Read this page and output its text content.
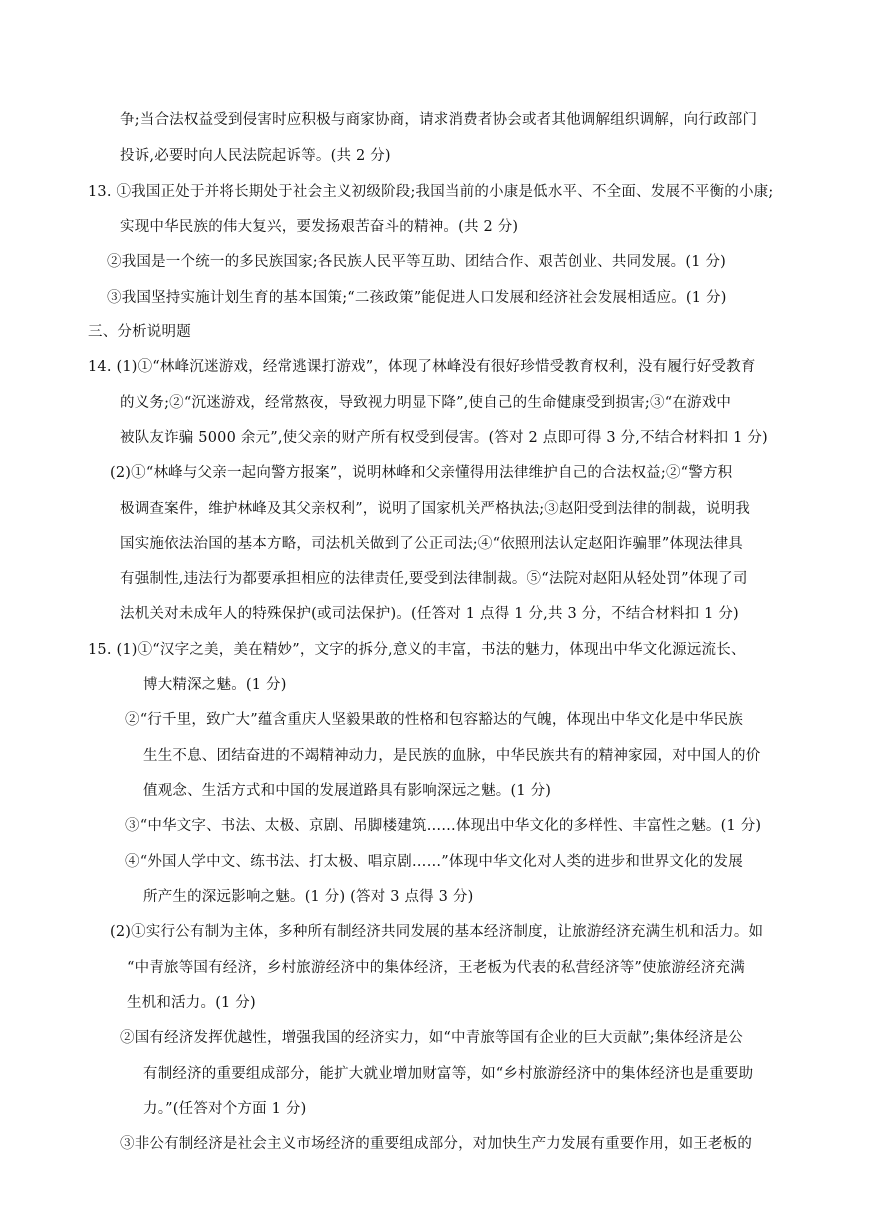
争;当合法权益受到侵害时应积极与商家协商，请求消费者协会或者其他调解组织调解，向行政部门
投诉,必要时向人民法院起诉等。(共 2 分)
13. ①我国正处于并将长期处于社会主义初级阶段;我国当前的小康是低水平、不全面、发展不平衡的小康;
实现中华民族的伟大复兴，要发扬艰苦奋斗的精神。(共 2 分)
②我国是一个统一的多民族国家;各民族人民平等互助、团结合作、艰苦创业、共同发展。(1 分)
③我国坚持实施计划生育的基本国策;“二孩政策”能促进人口发展和经济社会发展相适应。(1 分)
三、分析说明题
14. (1)①“林峰沉迷游戏，经常逃课打游戏”，体现了林峰没有很好珍惜受教育权利，没有履行好受教育
的义务;②“沉迷游戏，经常熬夜，导致视力明显下降”,使自己的生命健康受到损害;③“在游戏中
被队友诈骗 5000 余元”,使父亲的财产所有权受到侵害。(答对 2 点即可得 3 分,不结合材料扣 1 分)
(2)①“林峰与父亲一起向警方报案”，说明林峰和父亲懂得用法律维护自己的合法权益;②“警方积
极调查案件，维护林峰及其父亲权利”，说明了国家机关严格执法;③赵阳受到法律的制裁，说明我
国实施依法治国的基本方略，司法机关做到了公正司法;④“依照刑法认定赵阳诈骗罪”体现法律具
有强制性,违法行为都要承担相应的法律责任,要受到法律制裁。⑤“法院对赵阳从轻处罚”体现了司
法机关对未成年人的特殊保护(或司法保护)。(任答对 1 点得 1 分,共 3 分，不结合材料扣 1 分)
15. (1)①“汉字之美，美在精妙”，文字的拆分,意义的丰富，书法的魅力，体现出中华文化源远流长、
博大精深之魅。(1 分)
②“行千里，致广大”蕴含重庆人坚毅果敢的性格和包容豁达的气魄，体现出中华文化是中华民族
生生不息、团结奋进的不竭精神动力，是民族的血脉，中华民族共有的精神家园，对中国人的价
值观念、生活方式和中国的发展道路具有影响深远之魅。(1 分)
③“中华文字、书法、太极、京剧、吊脚楼建筑……体现出中华文化的多样性、丰富性之魅。(1 分)
④“外国人学中文、练书法、打太极、唱京剧……”体现中华文化对人类的进步和世界文化的发展
所产生的深远影响之魅。(1 分) (答对 3 点得 3 分)
(2)①实行公有制为主体，多种所有制经济共同发展的基本经济制度，让旅游经济充满生机和活力。如
“中青旅等国有经济，乡村旅游经济中的集体经济，王老板为代表的私营经济等”使旅游经济充满
生机和活力。(1 分)
②国有经济发挥优越性，增强我国的经济实力，如“中青旅等国有企业的巨大贡献”;集体经济是公
有制经济的重要组成部分，能扩大就业增加财富等，如“乡村旅游经济中的集体经济也是重要助
力。”(任答对个方面 1 分)
③非公有制经济是社会主义市场经济的重要组成部分，对加快生产力发展有重要作用，如王老板的
